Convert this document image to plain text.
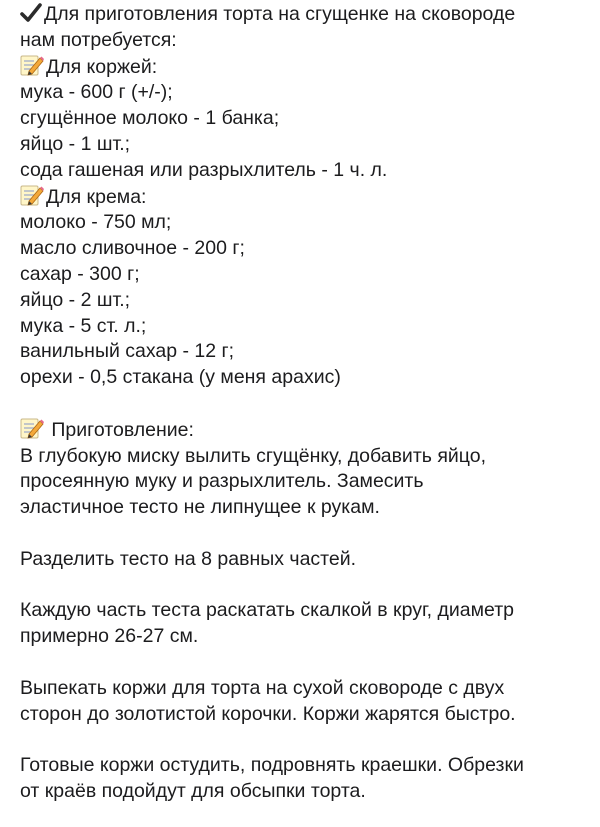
Для приготовления торта на сгущенке на сковороде

нам потребуется:

Для коржей:

мука - 600 г (+/-);

сгущённое молоко - 1 банка;

яйцо - 1 шт.;

сода гашеная или разрыхлитель - 1 ч. л.

Для крема:

молоко - 750 мл;

масло сливочное - 200 г;

сахар - 300 г;

яйцо - 2 шт.;

мука - 5 ст. л.;

ванильный сахар - 12 г;

орехи - 0,5 стакана (у меня арахис)

Приготовление:

В глубокую миску вылить сгущёнку, добавить яйцо,

просеянную муку и разрыхлитель. Замесить

эластичное тесто не липнущее к рукам.

Разделить тесто на 8 равных частей.

Каждую часть теста раскатать скалкой в круг, диаметр

примерно 26-27 см.

Выпекать коржи для торта на сухой сковороде с двух

сторон до золотистой корочки. Коржи жарятся быстро.

Готовые коржи остудить, подровнять краешки. Обрезки

от краёв подойдут для обсыпки торта.
